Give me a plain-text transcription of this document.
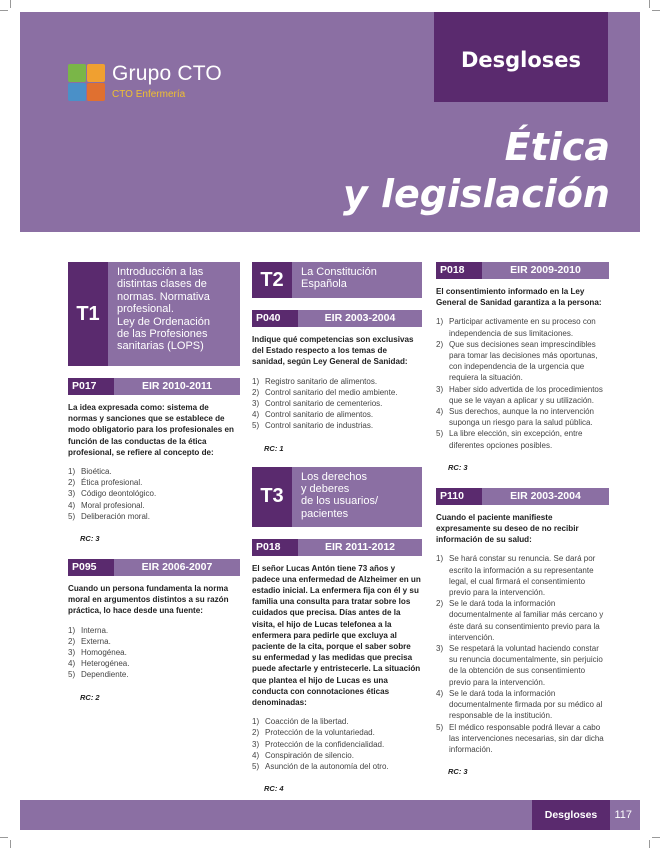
Desgloses
Grupo CTO
CTO Enfermería
Ética
y legislación
T1
Introducción a las
distintas clases de
normas. Normativa
profesional.
Ley de Ordenación
de las Profesiones
sanitarias (LOPS)
P017	EIR 2010-2011
La idea expresada como: sistema de normas y sanciones que se establece de modo obligatorio para los profesionales en función de las conductas de la ética profesional, se refiere al concepto de:
1) Bioética.
2) Ética profesional.
3) Código deontológico.
4) Moral profesional.
5) Deliberación moral.
RC: 3
P095	EIR 2006-2007
Cuando un persona fundamenta la norma moral en argumentos distintos a su razón práctica, lo hace desde una fuente:
1) Interna.
2) Externa.
3) Homogénea.
4) Heterogénea.
5) Dependiente.
RC: 2
T2	La Constitución
Española
P040	EIR 2003-2004
Indique qué competencias son exclusivas del Estado respecto a los temas de sanidad, según Ley General de Sanidad:
1) Registro sanitario de alimentos.
2) Control sanitario del medio ambiente.
3) Control sanitario de cementerios.
4) Control sanitario de alimentos.
5) Control sanitario de industrias.
RC: 1
T3
Los derechos
y deberes
de los usuarios/
pacientes
P018	EIR 2011-2012
El señor Lucas Antón tiene 73 años y padece una enfermedad de Alzheimer en un estadio inicial. La enfermera fija con él y su familia una consulta para tratar sobre los cuidados que precisa. Días antes de la visita, el hijo de Lucas telefonea a la enfermera para pedirle que excluya al paciente de la cita, porque el saber sobre su enfermedad y las medidas que precisa puede afectarle y entristecerle. La situación que plantea el hijo de Lucas es una conducta con connotaciones éticas denominadas:
1) Coacción de la libertad.
2) Protección de la voluntariedad.
3) Protección de la confidencialidad.
4) Conspiración de silencio.
5) Asunción de la autonomía del otro.
RC: 4
P018	EIR 2009-2010
El consentimiento informado en la Ley General de Sanidad garantiza a la persona:
1) Participar activamente en su proceso con independencia de sus limitaciones.
2) Que sus decisiones sean imprescindibles para tomar las decisiones más oportunas, con independencia de la urgencia que requiera la situación.
3) Haber sido advertida de los procedimientos que se le vayan a aplicar y su utilización.
4) Sus derechos, aunque la no intervención suponga un riesgo para la salud pública.
5) La libre elección, sin excepción, entre diferentes opciones posibles.
RC: 3
P110	EIR 2003-2004
Cuando el paciente manifieste expresamente su deseo de no recibir información de su salud:
1) Se hará constar su renuncia. Se dará por escrito la información a su representante legal, el cual firmará el consentimiento previo para la intervención.
2) Se le dará toda la información documentalmente al familiar más cercano y éste dará su consentimiento previo para la intervención.
3) Se respetará la voluntad haciendo constar su renuncia documentalmente, sin perjuicio de la obtención de sus consentimiento previo para la intervención.
4) Se le dará toda la información documentalmente firmada por su médico al responsable de la institución.
5) El médico responsable podrá llevar a cabo las intervenciones necesarias, sin dar dicha información.
RC: 3
Desgloses	117
